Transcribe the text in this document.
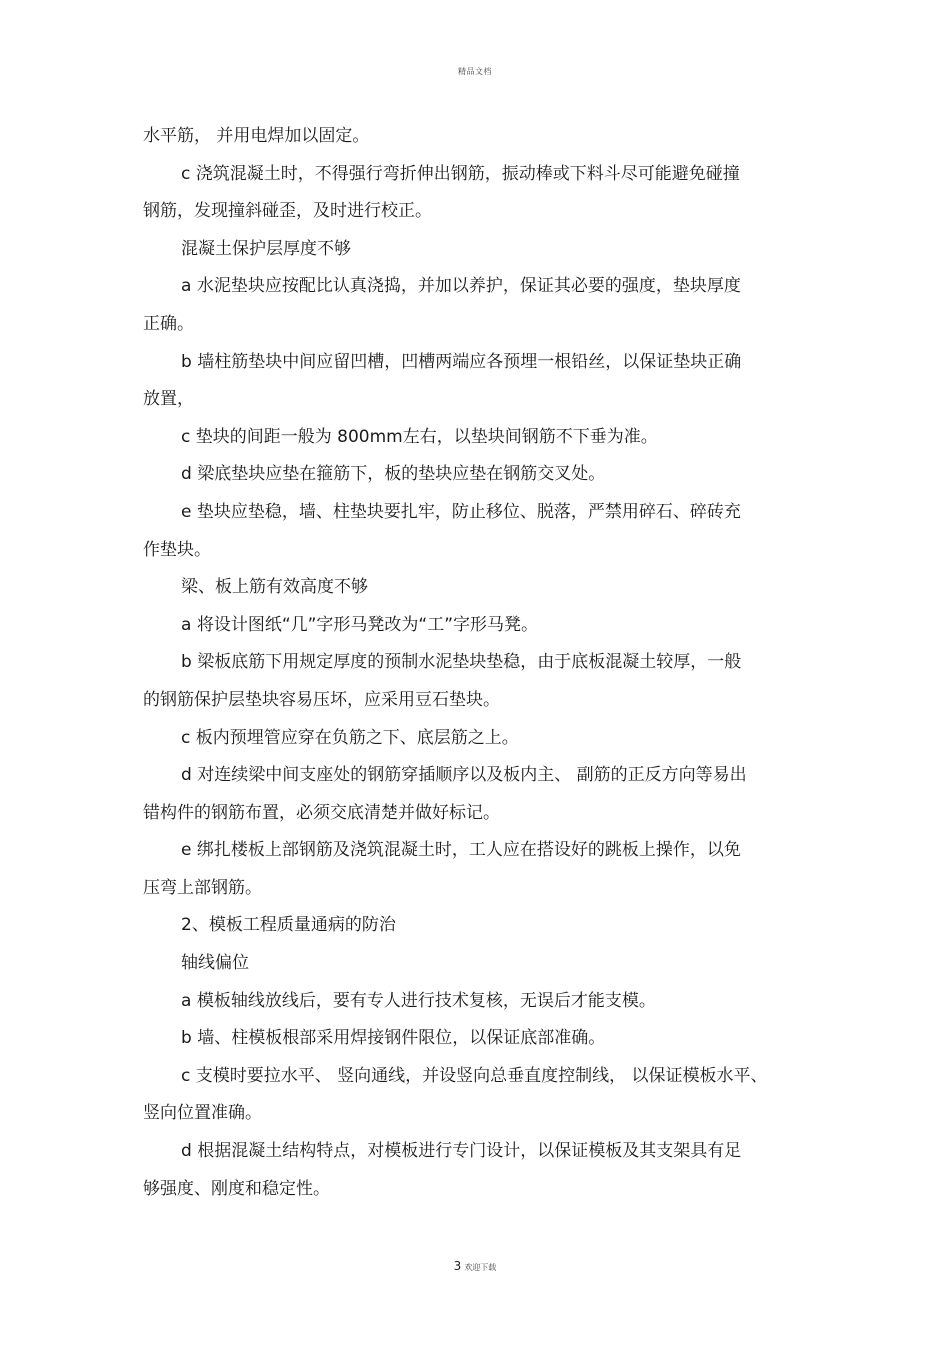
精品文档
水平筋， 并用电焊加以固定。
c 浇筑混凝土时，不得强行弯折伸出钢筋，振动棒或下料斗尽可能避免碰撞
钢筋，发现撞斜碰歪，及时进行校正。
混凝土保护层厚度不够
a 水泥垫块应按配比认真浇捣，并加以养护，保证其必要的强度，垫块厚度
正确。
b 墙柱筋垫块中间应留凹槽，凹槽两端应各预埋一根铅丝，以保证垫块正确
放置，
c 垫块的间距一般为 800mm左右，以垫块间钢筋不下垂为准。
d 梁底垫块应垫在箍筋下，板的垫块应垫在钢筋交叉处。
e 垫块应垫稳，墙、柱垫块要扎牢，防止移位、脱落，严禁用碎石、碎砖充
作垫块。
梁、板上筋有效高度不够
a 将设计图纸“几”字形马凳改为“工”字形马凳。
b 梁板底筋下用规定厚度的预制水泥垫块垫稳，由于底板混凝土较厚，一般
的钢筋保护层垫块容易压坏，应采用豆石垫块。
c 板内预埋管应穿在负筋之下、底层筋之上。
d 对连续梁中间支座处的钢筋穿插顺序以及板内主、 副筋的正反方向等易出
错构件的钢筋布置，必须交底清楚并做好标记。
e 绑扎楼板上部钢筋及浇筑混凝土时，工人应在搭设好的跳板上操作，以免
压弯上部钢筋。
2、模板工程质量通病的防治
轴线偏位
a 模板轴线放线后，要有专人进行技术复核，无误后才能支模。
b 墙、柱模板根部采用焊接钢件限位，以保证底部准确。
c 支模时要拉水平、 竖向通线，并设竖向总垂直度控制线， 以保证模板水平、
竖向位置准确。
d 根据混凝土结构特点，对模板进行专门设计，以保证模板及其支架具有足
够强度、刚度和稳定性。
3 欢迎下载
